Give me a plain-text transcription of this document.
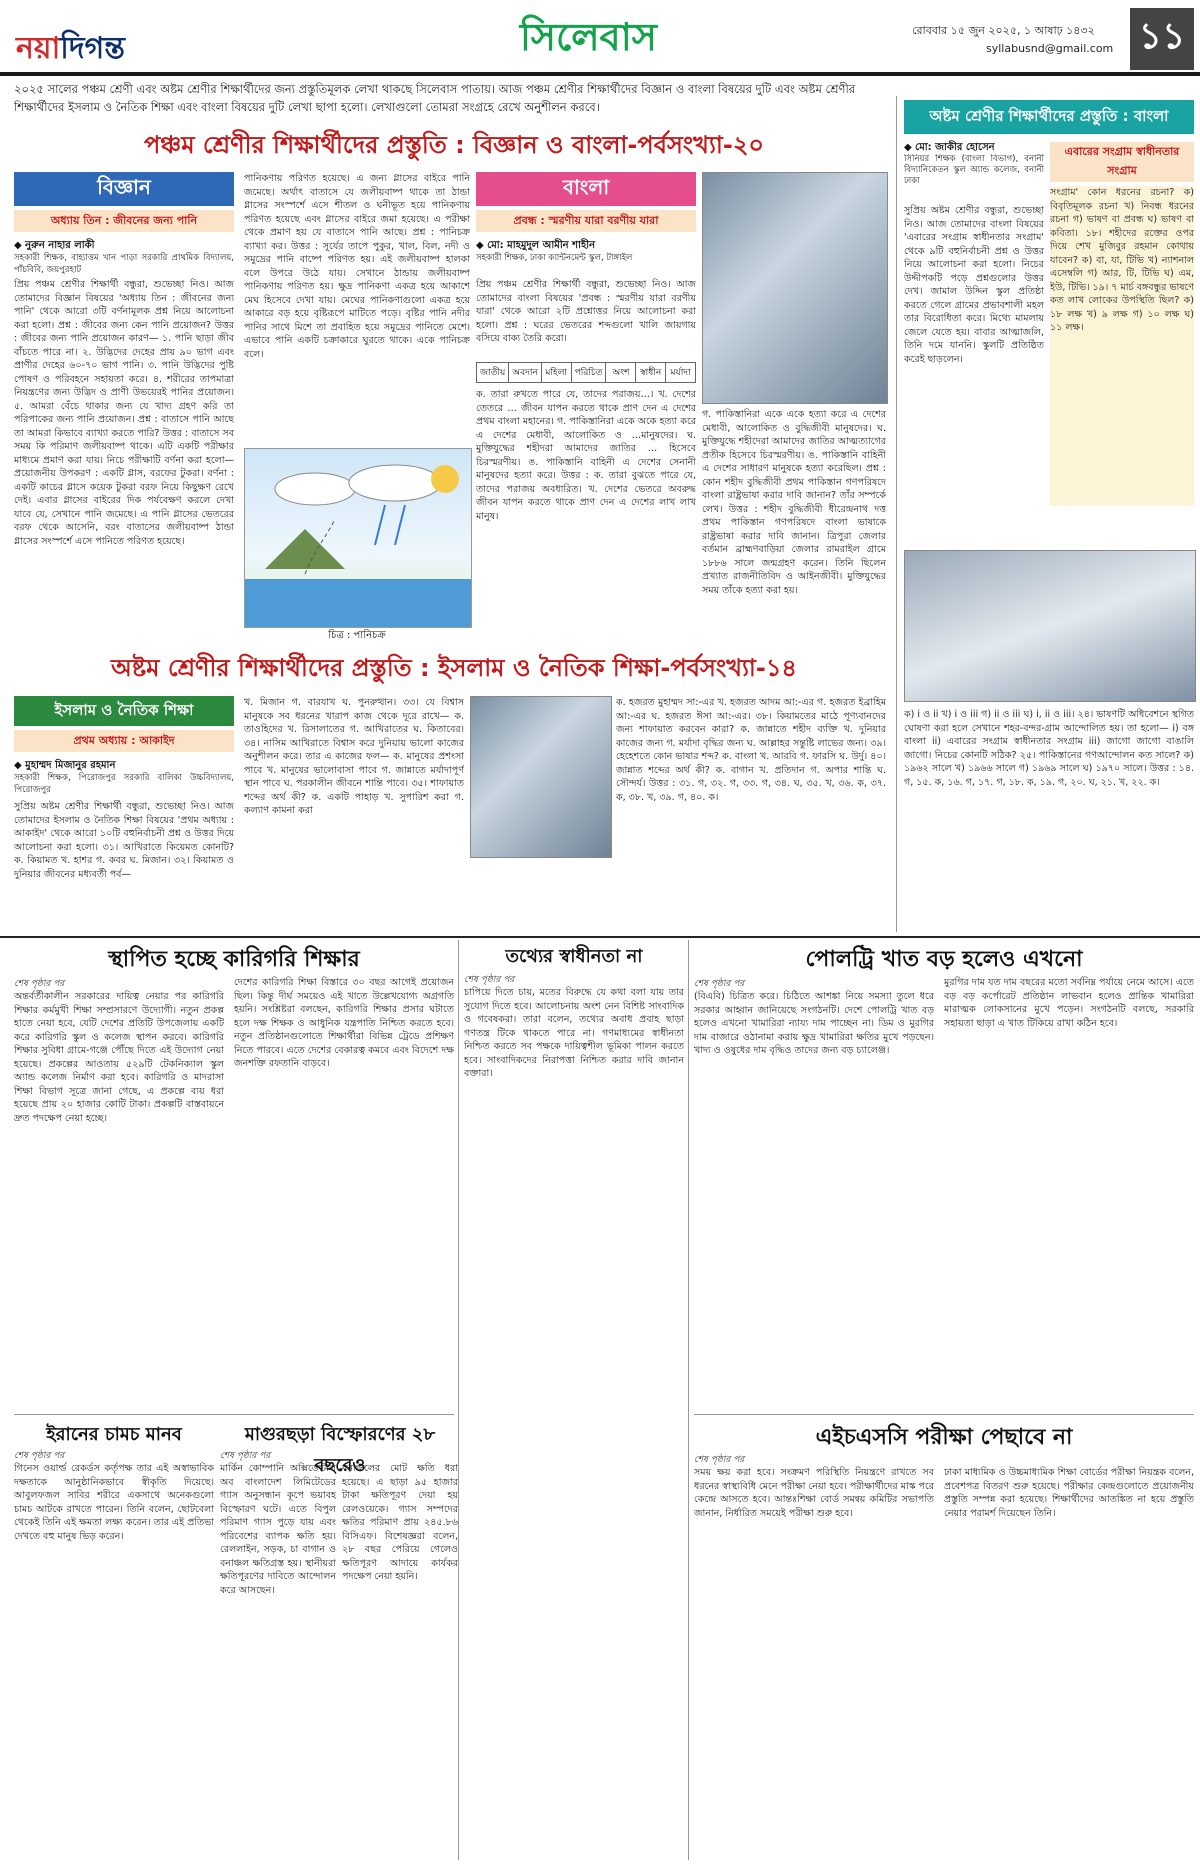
নয়াদিগন্ত	সিলেবাস	রোববার ১৫ জুন ২০২৫, ১ আষাঢ় ১৪৩২
syllabusnd@gmail.com ১১
২০২৫ সালের পঞ্চম শ্রেণী এবং অষ্টম শ্রেণীর শিক্ষার্থীদের জন্য প্রস্তুতিমূলক লেখা থাকছে সিলেবাস পাতায়। আজ পঞ্চম শ্রেণীর শিক্ষার্থীদের বিজ্ঞান ও বাংলা বিষয়ের দুটি এবং অষ্টম শ্রেণীর শিক্ষার্থীদের ইসলাম ও নৈতিক শিক্ষা এবং বাংলা বিষয়ের দুটি লেখা ছাপা হলো। লেখাগুলো তোমরা সংগ্রহে রেখে অনুশীলন করবে।
পঞ্চম শ্রেণীর শিক্ষার্থীদের প্রস্তুতি : বিজ্ঞান ও বাংলা-পর্বসংখ্যা-২০
বিজ্ঞান
অধ্যায় তিন : জীবনের জন্য পানি
◆ নুরুন নাহার লাকী
সহকারী শিক্ষক, বাহ্যাত্তম খান পাড়া সরকারি প্রাথমিক বিদ্যালয়, পাঁচবিবি, জয়পুরহাট
প্রিয় পঞ্চম শ্রেণীর শিক্ষার্থী বন্ধুরা, শুভেচ্ছা নিও। আজ তোমাদের বিজ্ঞান বিষয়ের 'অধ্যায় তিন : জীবনের জন্য পানি' থেকে আরো ৩টি বর্ণনামূলক প্রশ্ন নিয়ে আলোচনা করা হলো। প্রশ্ন : জীবের জন্য কেন পানি প্রয়োজন? উত্তর : জীবের জন্য পানি প্রয়োজন কারণ— ১. পানি ছাড়া জীব বাঁচতে পারে না। ২. উদ্ভিদের দেহের প্রায় ৯০ ভাগ এবং প্রাণীর দেহের ৬০-৭০ ভাগ পানি। ৩. পানি উদ্ভিদের পুষ্টি পোষণ ও পরিবহনে সহায়তা করে। ৪. শরীরের তাপমাত্রা নিয়ন্ত্রণের জন্য উদ্ভিদ ও প্রাণী উভয়েরই পানির প্রয়োজন। ৫. আমরা বেঁচে থাকার জন্য যে খাদ্য গ্রহণ করি তা পরিপাকের জন্য পানি প্রয়োজন। প্রশ্ন : বাতাসে পানি আছে তা আমরা কিভাবে ব্যাখ্যা করতে পারি? উত্তর : বাতাসে সব সময় কি পরিমাণ জলীয়বাষ্প থাকে। এটি একটি পরীক্ষার মাধ্যমে প্রমাণ করা যায়। নিচে পরীক্ষাটি বর্ণনা করা হলো— প্রয়োজনীয় উপকরণ : একটি গ্লাস, বরফের টুকরা। বর্ণনা : একটি কাচের গ্লাসে কয়েক টুকরা বরফ নিয়ে কিছুক্ষণ রেখে দেই। এবার গ্লাসের বাইরের দিক পর্যবেক্ষণ করলে দেখা যাবে যে, সেখানে পানি জমেছে। এ পানি গ্লাসের ভেতরের বরফ থেকে আসেনি, বরং বাতাসের জলীয়বাষ্প ঠান্ডা গ্লাসের সংস্পর্শে এসে পানিতে পরিণত হয়েছে।
পানিকণায় পরিণত হয়েছে। এ জন্য গ্লাসের বাইরে পানি জমেছে। অর্থাৎ বাতাসে যে জলীয়বাষ্প থাকে তা ঠান্ডা গ্লাসের সংস্পর্শে এসে শীতল ও ঘনীভূত হয়ে পানিকণায় পরিণত হয়েছে এবং গ্লাসের বাইরে জমা হয়েছে। এ পরীক্ষা থেকে প্রমাণ হয় যে বাতাসে পানি আছে। প্রশ্ন : পানিচক্র ব্যাখ্যা কর। উত্তর : সূর্যের তাপে পুকুর, খাল, বিল, নদী ও সমুদ্রের পানি বাষ্পে পরিণত হয়। এই জলীয়বাষ্প হালকা বলে উপরে উঠে যায়। সেখানে ঠান্ডায় জলীয়বাষ্প পানিকণায় পরিণত হয়। ক্ষুদ্র পানিকণা একত্র হয়ে আকাশে মেঘ হিসেবে দেখা যায়। মেঘের পানিকণাগুলো একত্র হয়ে আকারে বড় হয়ে বৃষ্টিরূপে মাটিতে পড়ে। বৃষ্টির পানি নদীর পানির সাথে মিশে তা প্রবাহিত হয়ে সমুদ্রের পানিতে মেশে। এভাবে পানি একটি চক্রাকারে ঘুরতে থাকে। একে পানিচক্র বলে।
চিত্র : পানিচক্র
বাংলা
প্রবন্ধ : স্মরণীয় যারা বরণীয় যারা
◆ মো: মাহমুদুল আমীন শাহীন
সহকারী শিক্ষক, ঢাকা ক্যান্টনমেন্ট স্কুল, টাঙ্গাইল
প্রিয় পঞ্চম শ্রেণীর শিক্ষার্থী বন্ধুরা, শুভেচ্ছা নিও। আজ তোমাদের বাংলা বিষয়ের 'প্রবন্ধ : স্মরণীয় যারা বরণীয় যারা' থেকে আরো ২টি প্রশ্নোত্তর নিয়ে আলোচনা করা হলো। প্রশ্ন : ঘরের ভেতরের শব্দগুলো খালি জায়গায় বসিয়ে বাক্য তৈরি করো।
জাতীয় অবদান মহিলা পরিচিত	অংশ	স্বাধীন	মর্যাদা
ক. তারা রুখতে পারে যে, তাদের পরাজয়…। খ. দেশের তেতরে … জীবন যাপন করতে থাকে প্রাণ দেন এ দেশের প্রথম বাংলা মহানের। গ. পাকিস্তানিরা একে অকে হত্যা করে এ দেশের মেধাবী, আলোকিত ও …মানুষদের। ঘ. মুক্তিযুদ্ধের শহীদরা আমাদের জাতির … হিসেবে চিরস্মরণীয়। ঙ. পাকিস্তানি বাহিনী এ দেশের সেনানী মানুষদের হত্যা করে। উত্তর : ক. তারা বুঝতে পারে যে, তাদের পরাজয় অবধারিত। খ. দেশের ভেতরে অবরুদ্ধ জীবন যাপন করতে থাকে প্রাণ দেন এ দেশের লাখ লাখ মানুষ।
গ. পাকিস্তানিরা একে একে হত্যা করে এ দেশের মেধাবী, আলোকিত ও বুদ্ধিজীবী মানুষদের। ঘ. মুক্তিযুদ্ধে শহীদেরা আমাদের জাতির আত্মত্যাগের প্রতীক হিসেবে চিরস্মরণীয়। ঙ. পাকিস্তানি বাহিনী এ দেশের সাধারণ মানুষকে হত্যা করেছিল। প্রশ্ন : কোন শহীদ বুদ্ধিজীবী প্রথম পাকিস্তান গণপরিষদে বাংলা রাষ্ট্রভাষা করার দাবি জানান? তাঁর সম্পর্কে লেখ। উত্তর : শহীদ বুদ্ধিজীবী ধীরেন্দ্রনাথ দত্ত প্রথম পাকিস্তান গণপরিষদে বাংলা ভাষাকে রাষ্ট্রভাষা করার দাবি জানান। ত্রিপুরা জেলার বর্তমান ব্রাহ্মণবাড়িয়া জেলার রামরাইল গ্রামে ১৮৮৬ সালে জন্মগ্রহণ করেন। তিনি ছিলেন প্রখ্যাত রাজনীতিবিদ ও আইনজীবী। মুক্তিযুদ্ধের সময় তাঁকে হত্যা করা হয়।
অষ্টম শ্রেণীর শিক্ষার্থীদের প্রস্তুতি : বাংলা
◆ মো: জাকীর হোসেন
সিনিয়র শিক্ষক (বাংলা বিভাগ), বনানী বিদ্যানিকেতন স্কুল অ্যান্ড কলেজ, বনানী ঢাকা
এবারের সংগ্রাম স্বাধীনতার সংগ্রাম
সুপ্রিয় অষ্টম শ্রেণীর বন্ধুরা, শুভেচ্ছা নিও। আজ তোমাদের বাংলা বিষয়ের 'এবারের সংগ্রাম স্বাধীনতার সংগ্রাম' থেকে ৯টি বহুনির্বাচনী প্রশ্ন ও উত্তর নিয়ে আলোচনা করা হলো। নিচের উদ্দীপকটি পড়ে প্রশ্নগুলোর উত্তর দেখ। জামাল উদ্দিন স্কুল প্রতিষ্ঠা করতে গেলে গ্রামের প্রভাবশালী মহল তার বিরোধিতা করে। মিথ্যে মামলায় জেলে যেতে হয়। বাবার আত্মাজলি, তিনি দমে যাননি। স্কুলটি প্রতিষ্ঠিত করেই ছাড়লেন।
সংগ্রাম' কোন ধরনের রচনা? ক) বিবৃতিমূলক রচনা খ) নিবন্ধ ধরনের রচনা গ) ভাষণ বা প্রবন্ধ ঘ) ভাষণ বা কবিতা। ১৮। শহীদের রক্তের ওপর দিয়ে শেখ মুজিবুর রহমান কোথায় যাবেন? ক) বা, যা, টিভি খ) ন্যাশনাল এসেম্বলি গ) আর, টি, টিভি ঘ) এম, ইউ, টিভি। ১৯। ৭ মার্চ বঙ্গবন্ধুর ভাষণে কত লাখ লোকের উপস্থিতি ছিল? ক) ১৮ লক্ষ খ) ৯ লক্ষ গ) ১০ লক্ষ ঘ) ১১ লক্ষ।
ক) i ও ii খ) i ও iii গ) ii ও iii ঘ) i, ii ও iii। ২৪। ভাষণটি অধিবেশনে স্থগিত ঘোষণা করা হলে সেখানে শহর-বন্দর-গ্রাম আন্দোলিত হয়। তা হলো— i) বঙ্গ বাংলা ii) এবারের সংগ্রাম স্বাধীনতার সংগ্রাম iii) জাগো জাগো বাঙালি জাগো। নিচের কোনটি সঠিক? ২৫। পাকিস্তানের গণআন্দোলন কত সালে? ক) ১৯৬২ সালে খ) ১৯৬৬ সালে গ) ১৯৬৯ সালে ঘ) ১৯৭০ সালে। উত্তর : ১৪. গ, ১৫. ক, ১৬. গ, ১৭. গ, ১৮. ক, ১৯. গ, ২০. ঘ, ২১. খ, ২২. ক।
অষ্টম শ্রেণীর শিক্ষার্থীদের প্রস্তুতি : ইসলাম ও নৈতিক শিক্ষা-পর্বসংখ্যা-১৪
ইসলাম ও নৈতিক শিক্ষা
প্রথম অধ্যায় : আকাইদ
◆ মুহাম্মদ মিজানুর রহমান
সহকারী শিক্ষক, পিরোজপুর সরকারি বালিকা উচ্চবিদ্যালয়, পিরোজপুর
সুপ্রিয় অষ্টম শ্রেণীর শিক্ষার্থী বন্ধুরা, শুভেচ্ছা নিও। আজ তোমাদের ইসলাম ও নৈতিক শিক্ষা বিষয়ের 'প্রথম অধ্যায় : আকাইদ' থেকে আরো ১০টি বহুনির্বাচনী প্রশ্ন ও উত্তর দিয়ে আলোচনা করা হলো। ৩১। আখিরাতে কিয়েমত কোনটি? ক. কিয়ামত খ. হাশর গ. কবর ঘ. মিজান। ৩২। কিয়ামত ও দুনিয়ার জীবনের মধ্যবর্তী পর্ব—
খ. মিজান গ. বারযাখ ঘ. পুনরুত্থান। ৩৩। যে বিশ্বাস মানুষকে সব ধরনের খারাপ কাজ থেকে দূরে রাখে— ক. তাওহিদের খ. রিসালাতের গ. আখিরাতের ঘ. কিতাবের। ৩৪। নাসিম আখিরাতে বিশ্বাস করে দুনিয়ায় ভালো কাজের অনুশীলন করে। তার এ কাজের ফল— ক. মানুষের প্রশংসা পাবে খ. মানুষের ভালোবাসা পাবে গ. জান্নাতে মর্যাদাপূর্ণ স্থান পাবে ঘ. পরকালীন জীবনে শান্তি পাবে। ৩৫। শাফায়াত শব্দের অর্থ কী? ক. একটি পাহাড় খ. সুপারিশ করা গ. কল্যাণ কামনা করা
ক. হজরত মুহাম্মদ সা:-এর খ. হজরত আদম আ:-এর গ. হজরত ইব্রাহিম আ:-এর ঘ. হজরত ঈসা আ:-এর। ৩৮। কিয়ামতের মাঠে পূণ্যবানদের জন্য শাফায়াত করবেন কারা? ক. জান্নাতে শহীদ ব্যক্তি খ. দুনিয়ার কাজের জন্য গ. মর্যাদা বৃদ্ধির জন্য ঘ. আল্লাহর সন্তুষ্টি লাভের জন্য। ৩৯। হেহেশতে কোন ভাষার শব্দ? ক. বাংলা খ. আরবি গ. ফারসি ঘ. উর্দু। ৪০। জান্নাত শব্দের অর্থ কী? ক. বাগান খ. প্রতিদান গ. অপার শান্তি ঘ. সৌন্দর্য। উত্তর : ৩১. গ, ৩২. গ, ৩৩. গ, ৩৪. ঘ, ৩৫. খ, ৩৬. ক, ৩৭. ক, ৩৮. খ, ৩৯. গ, ৪০. ক।
স্থাপিত হচ্ছে কারিগরি শিক্ষার
শেষ পৃষ্ঠার পর
অন্তর্বর্তীকালীন সরকারের দায়িত্ব নেয়ার পর কারিগরি শিক্ষার কর্মমুখী শিক্ষা সম্প্রসারণে উদ্যোগী। নতুন প্রকল্প হাতে নেয়া হবে, যেটি দেশের প্রতিটি উপজেলায় একটি করে কারিগরি স্কুল ও কলেজ স্থাপন করবে। কারিগরি শিক্ষার সুবিধা গ্রামে-গঞ্জে পৌঁছে দিতে এই উদ্যোগ নেয়া হয়েছে। প্রকল্পের আওতায় ৫২৯টি টেকনিক্যাল স্কুল অ্যান্ড কলেজ নির্মাণ করা হবে। কারিগরি ও মাদরাসা শিক্ষা বিভাগ সূত্রে জানা গেছে, এ প্রকল্পে ব্যয় ধরা হয়েছে প্রায় ২০ হাজার কোটি টাকা। প্রকল্পটি বাস্তবায়নে দ্রুত পদক্ষেপ নেয়া হচ্ছে।
দেশের কারিগরি শিক্ষা বিস্তারে ৩০ বছর আগেই প্রয়োজন ছিল। কিন্তু দীর্ঘ সময়েও এই খাতে উল্লেখযোগ্য অগ্রগতি হয়নি। সংশ্লিষ্টরা বলছেন, কারিগরি শিক্ষার প্রসার ঘটাতে হলে দক্ষ শিক্ষক ও আধুনিক যন্ত্রপাতি নিশ্চিত করতে হবে। নতুন প্রতিষ্ঠানগুলোতে শিক্ষার্থীরা বিভিন্ন ট্রেডে প্রশিক্ষণ নিতে পারবে। এতে দেশের বেকারত্ব কমবে এবং বিদেশে দক্ষ জনশক্তি রফতানি বাড়বে।
তথ্যের স্বাধীনতা না
শেষ পৃষ্ঠার পর
চাপিয়ে দিতে চায়, মতের বিরুদ্ধে যে কথা বলা যায় তার সুযোগ দিতে হবে। আলোচনায় অংশ নেন বিশিষ্ট সাংবাদিক ও গবেষকরা। তারা বলেন, তথ্যের অবাধ প্রবাহ ছাড়া গণতন্ত্র টিকে থাকতে পারে না। গণমাধ্যমের স্বাধীনতা নিশ্চিত করতে সব পক্ষকে দায়িত্বশীল ভূমিকা পালন করতে হবে। সাংবাদিকদের নিরাপত্তা নিশ্চিত করার দাবি জানান বক্তারা।
পোলট্রি খাত বড় হলেও এখনো
শেষ পৃষ্ঠার পর
(বিএবি) চিত্রিত করে। চিঠিতে আশঙ্কা নিয়ে সমস্যা তুলে ধরে সরকার আহ্বান জানিয়েছে সংগঠনটি। দেশে পোলট্রি খাত বড় হলেও এখনো খামারিরা ন্যায্য দাম পাচ্ছেন না। ডিম ও মুরগির দাম বাজারে ওঠানামা করায় ক্ষুদ্র খামারিরা ক্ষতির মুখে পড়ছেন। খাদ্য ও ওষুধের দাম বৃদ্ধিও তাদের জন্য বড় চ্যালেঞ্জ।
মুরগির দাম যত দাম বছরের মতো সর্বনিম্ন পর্যায়ে নেমে আসে। এতে বড় বড় কর্পোরেট প্রতিষ্ঠান লাভবান হলেও প্রান্তিক খামারিরা মারাত্মক লোকসানের মুখে পড়েন। সংগঠনটি বলছে, সরকারি সহায়তা ছাড়া এ খাত টিকিয়ে রাখা কঠিন হবে।
ইরানের চামচ মানব
শেষ পৃষ্ঠার পর
গিনেস ওয়ার্ল্ড রেকর্ডস কর্তৃপক্ষ তার এই অস্বাভাবিক দক্ষতাকে আনুষ্ঠানিকভাবে স্বীকৃতি দিয়েছে। আবুলফজল সাবির শরীরে একসাথে অনেকগুলো চামচ আটকে রাখতে পারেন। তিনি বলেন, ছোটবেলা থেকেই তিনি এই ক্ষমতা লক্ষ্য করেন। তার এই প্রতিভা দেখতে বহু মানুষ ভিড় করেন।
মাগুরছড়া বিস্ফোরণের ২৮ বছরেও
শেষ পৃষ্ঠার পর
মার্কিন কোম্পানি অক্সিডেন্টাল অব বাংলাদেশ লিমিটেডের গ্যাস অনুসন্ধান কূপে ভয়াবহ বিস্ফোরণ ঘটে। এতে বিপুল পরিমাণ গ্যাস পুড়ে যায় এবং পরিবেশের ব্যাপক ক্ষতি হয়। রেললাইন, সড়ক, চা বাগান ও বনাঞ্চল ক্ষতিগ্রস্ত হয়। স্থানীয়রা ক্ষতিপূরণের দাবিতে আন্দোলন করে আসছেন।
বনাঞ্চলের মোট ক্ষতি ধরা হয়েছে। এ ছাড়া ৯৫ হাজার টাকা ক্ষতিপূরণ দেয়া হয় রেলওয়েকে। গ্যাস সম্পদের ক্ষতির পরিমাণ প্রায় ২৪৫.৮৬ বিসিএফ। বিশেষজ্ঞরা বলেন, ২৮ বছর পেরিয়ে গেলেও ক্ষতিপূরণ আদায়ে কার্যকর পদক্ষেপ নেয়া হয়নি।
এইচএসসি পরীক্ষা পেছাবে না
শেষ পৃষ্ঠার পর
সময় ক্ষয় করা হবে। সংক্রমণ পরিস্থিতি নিয়ন্ত্রণে রাখতে সব ধরনের স্বাস্থ্যবিধি মেনে পরীক্ষা নেয়া হবে। পরীক্ষার্থীদের মাস্ক পরে কেন্দ্রে আসতে হবে। আন্তঃশিক্ষা বোর্ড সমন্বয় কমিটির সভাপতি জানান, নির্ধারিত সময়েই পরীক্ষা শুরু হবে।
ঢাকা মাধ্যমিক ও উচ্চমাধ্যমিক শিক্ষা বোর্ডের পরীক্ষা নিয়ন্ত্রক বলেন, প্রবেশপত্র বিতরণ শুরু হয়েছে। পরীক্ষার কেন্দ্রগুলোতে প্রয়োজনীয় প্রস্তুতি সম্পন্ন করা হয়েছে। শিক্ষার্থীদের আতঙ্কিত না হয়ে প্রস্তুতি নেয়ার পরামর্শ দিয়েছেন তিনি।
